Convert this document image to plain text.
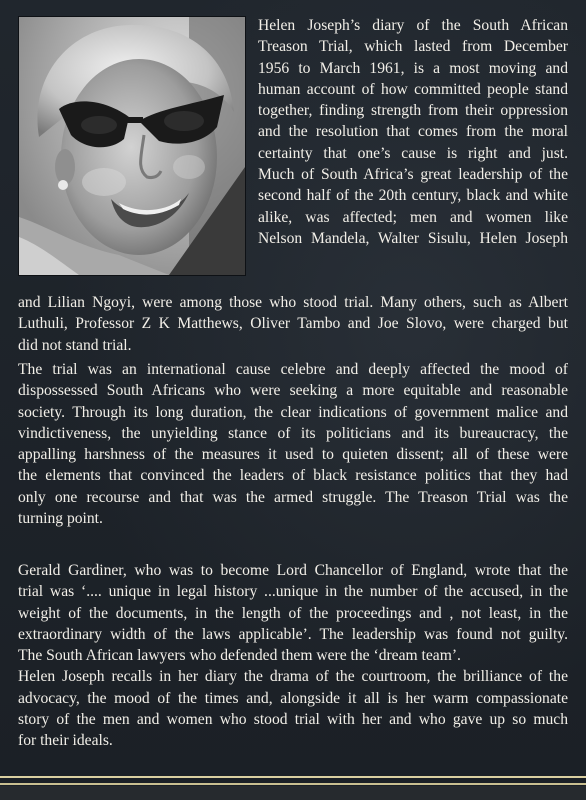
Helen Joseph’s diary of the South African
Treason Trial, which lasted from December
1956 to March 1961, is a most moving and
human account of how committed people stand
together, finding strength from their oppression
and the resolution that comes from the moral
certainty that one’s cause is right and just.
Much of South Africa’s great leadership of the
second half of the 20th century, black and white
alike, was affected; men and women like
Nelson Mandela, Walter Sisulu, Helen Joseph
and Lilian Ngoyi, were among those who stood trial. Many others, such as Albert
Luthuli, Professor Z K Matthews, Oliver Tambo and Joe Slovo, were charged but
did not stand trial.
The trial was an international cause celebre and deeply affected the mood of
dispossessed South Africans who were seeking a more equitable and reasonable
society. Through its long duration, the clear indications of government malice and
vindictiveness, the unyielding stance of its politicians and its bureaucracy, the
appalling harshness of the measures it used to quieten dissent; all of these were
the elements that convinced the leaders of black resistance politics that they had
only one recourse and that was the armed struggle. The Treason Trial was the
turning point.
Gerald Gardiner, who was to become Lord Chancellor of England, wrote that the
trial was ‘.... unique in legal history ...unique in the number of the accused, in the
weight of the documents, in the length of the proceedings and , not least, in the
extraordinary width of the laws applicable’. The leadership was found not guilty.
The South African lawyers who defended them were the ‘dream team’.
Helen Joseph recalls in her diary the drama of the courtroom, the brilliance of the
advocacy, the mood of the times and, alongside it all is her warm compassionate
story of the men and women who stood trial with her and who gave up so much
for their ideals.
